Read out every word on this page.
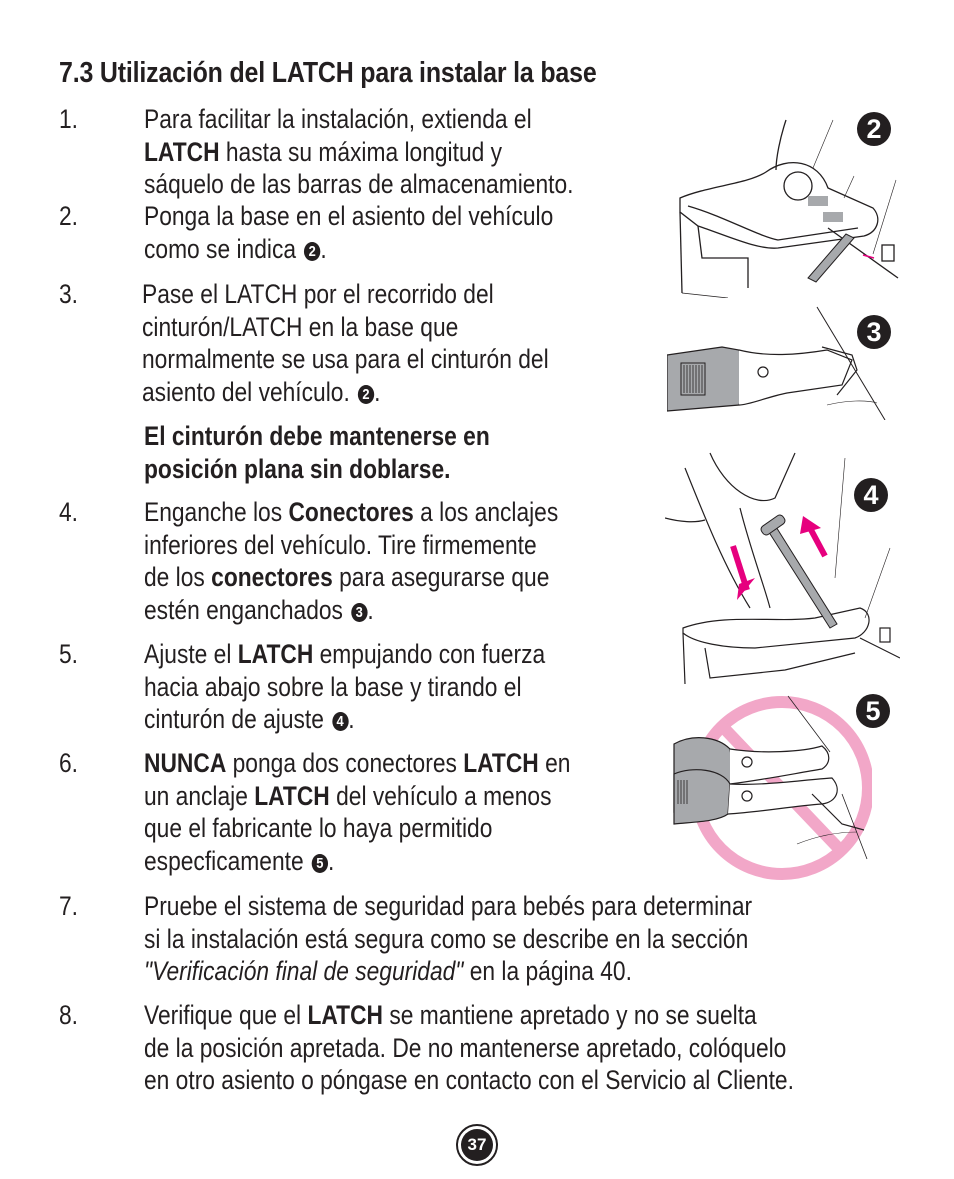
7.3 Utilización del LATCH para instalar la base
1. Para facilitar la instalación, extienda el
LATCH hasta su máxima longitud y
sáquelo de las barras de almacenamiento.
2. Ponga la base en el asiento del vehículo
como se indica 2 .
3. Pase el LATCH por el recorrido del
cinturón/LATCH en la base que
normalmente se usa para el cinturón del
asiento del vehículo. 2 .
El cinturón debe mantenerse en
posición plana sin doblarse.
4. Enganche los Conectores a los anclajes
inferiores del vehículo. Tire firmemente
de los conectores para asegurarse que
estén enganchados 3 .
5. Ajuste el LATCH empujando con fuerza
hacia abajo sobre la base y tirando el
cinturón de ajuste 4 .
6. NUNCA ponga dos conectores LATCH en
un anclaje LATCH del vehículo a menos
que el fabricante lo haya permitido
especficamente 5 .
7. Pruebe el sistema de seguridad para bebés para determinar
si la instalación está segura como se describe en la sección
"Verificación final de seguridad" en la página 40.
8. Verifique que el LATCH se mantiene apretado y no se suelta
de la posición apretada. De no mantenerse apretado, colóquelo
en otro asiento o póngase en contacto con el Servicio al Cliente.
2
3
4
5
37
